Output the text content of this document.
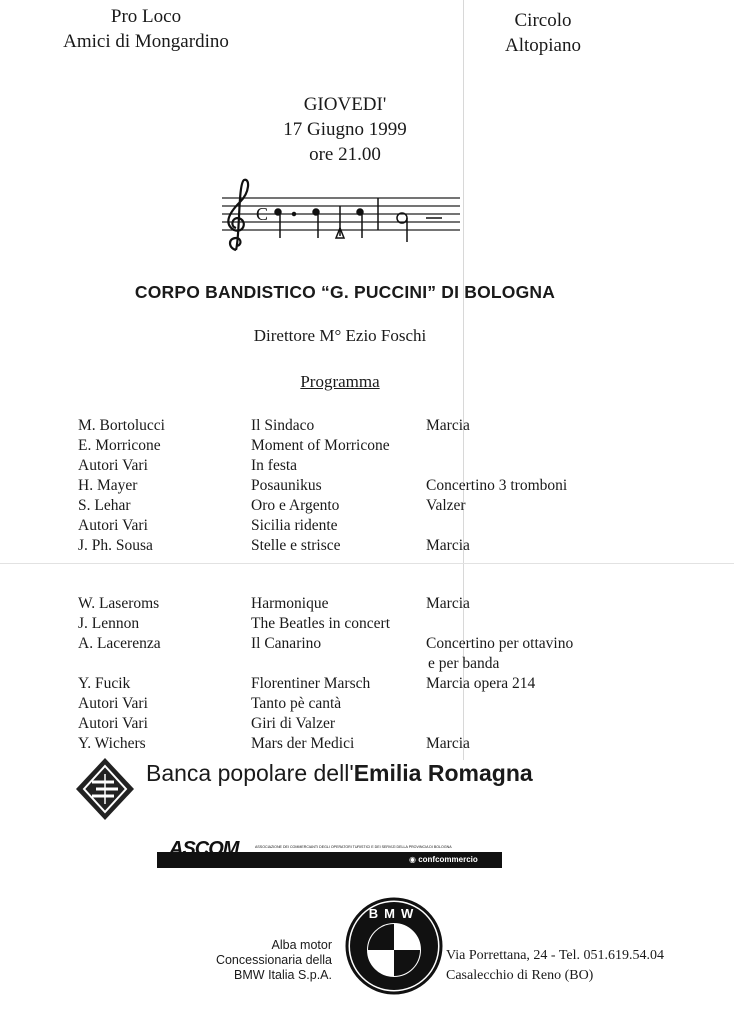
Pro Loco
Amici di Mongardino
Circolo
Altopiano
GIOVEDI'
17 Giugno 1999
ore 21.00
C
CORPO BANDISTICO “G. PUCCINI” DI BOLOGNA
Direttore M° Ezio Foschi
Programma
M. Bortolucci	Il Sindaco	Marcia
E. Morricone	Moment of Morricone
Autori Vari	In festa
H. Mayer	Posaunikus	Concertino 3 tromboni
S. Lehar	Oro e Argento	Valzer
Autori Vari	Sicilia ridente
J. Ph. Sousa	Stelle e strisce	Marcia
W. Laseroms	Harmonique	Marcia
J. Lennon	The Beatles in concert
A. Lacerenza	Il Canarino	Concertino per ottavino
e per banda
Y. Fucik	Florentiner Marsch	Marcia opera 214
Autori Vari	Tanto pè cantà
Autori Vari	Giri di Valzer
Y. Wichers	Mars der Medici	Marcia
Banca popolare dell'Emilia Romagna
ASCOM	ASSOCIAZIONE DEI COMMERCIANTI DEGLI OPERATORI TURISTICI E DEI SERVIZI DELLA PROVINCIA DI BOLOGNA
◉ confcommercio
Alba motor
Concessionaria della
BMW Italia S.p.A.
BMW
Via Porrettana, 24 - Tel. 051.619.54.04
Casalecchio di Reno (BO)
